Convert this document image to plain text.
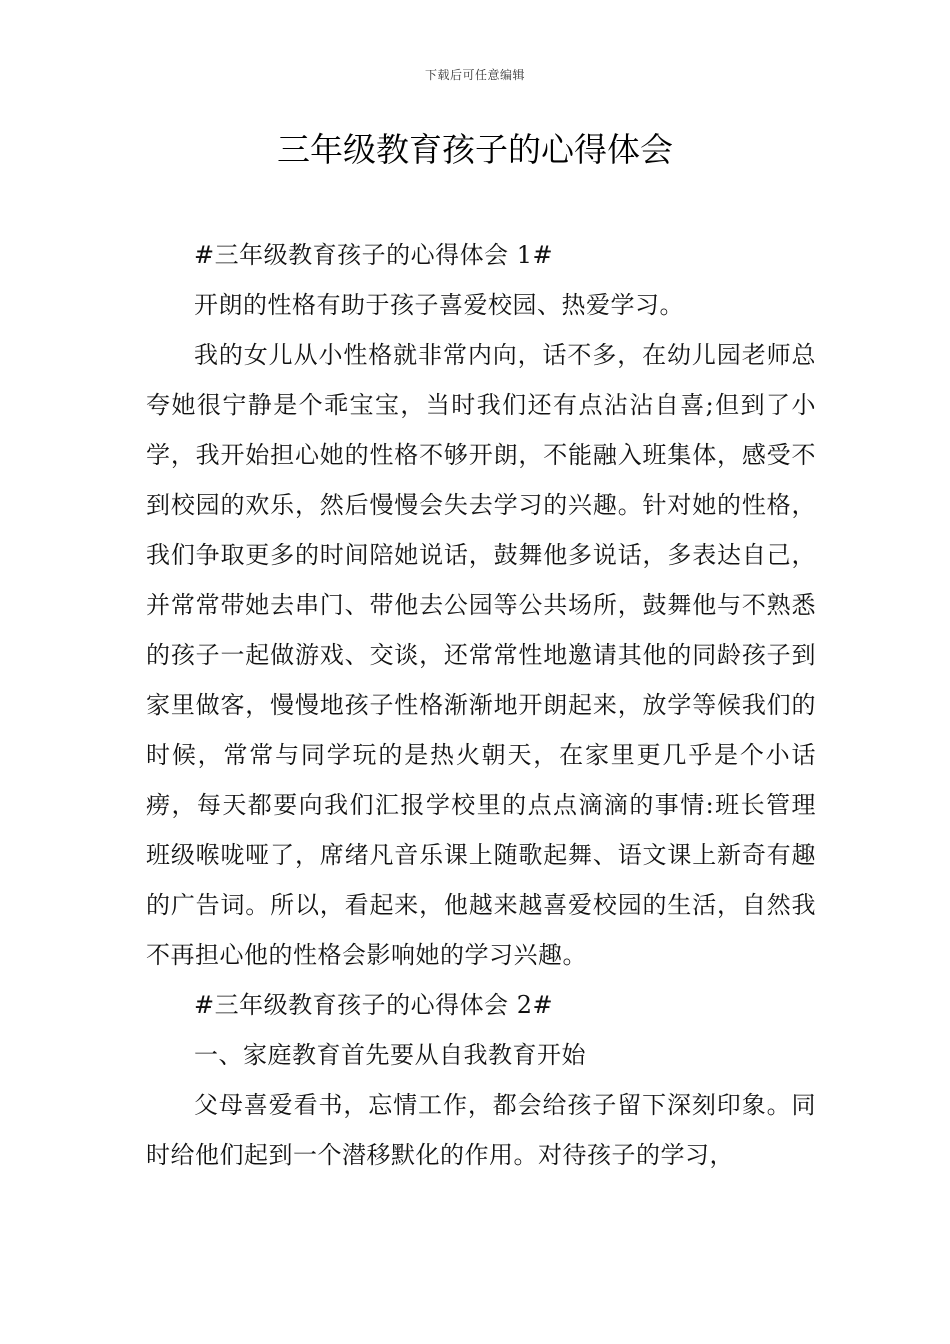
下载后可任意编辑
三年级教育孩子的心得体会

#三年级教育孩子的心得体会 1#

开朗的性格有助于孩子喜爱校园、热爱学习。

我的女儿从小性格就非常内向，话不多，在幼儿园老师总夸她很宁静是个乖宝宝，当时我们还有点沾沾自喜;但到了小学，我开始担心她的性格不够开朗，不能融入班集体，感受不到校园的欢乐，然后慢慢会失去学习的兴趣。针对她的性格，我们争取更多的时间陪她说话，鼓舞他多说话，多表达自己，并常常带她去串门、带他去公园等公共场所，鼓舞他与不熟悉的孩子一起做游戏、交谈，还常常性地邀请其他的同龄孩子到家里做客，慢慢地孩子性格渐渐地开朗起来，放学等候我们的时候，常常与同学玩的是热火朝天，在家里更几乎是个小话痨，每天都要向我们汇报学校里的点点滴滴的事情:班长管理班级喉咙哑了，席绪凡音乐课上随歌起舞、语文课上新奇有趣的广告词。所以，看起来，他越来越喜爱校园的生活，自然我不再担心他的性格会影响她的学习兴趣。

#三年级教育孩子的心得体会 2#

一、家庭教育首先要从自我教育开始

父母喜爱看书，忘情工作，都会给孩子留下深刻印象。同时给他们起到一个潜移默化的作用。对待孩子的学习，
